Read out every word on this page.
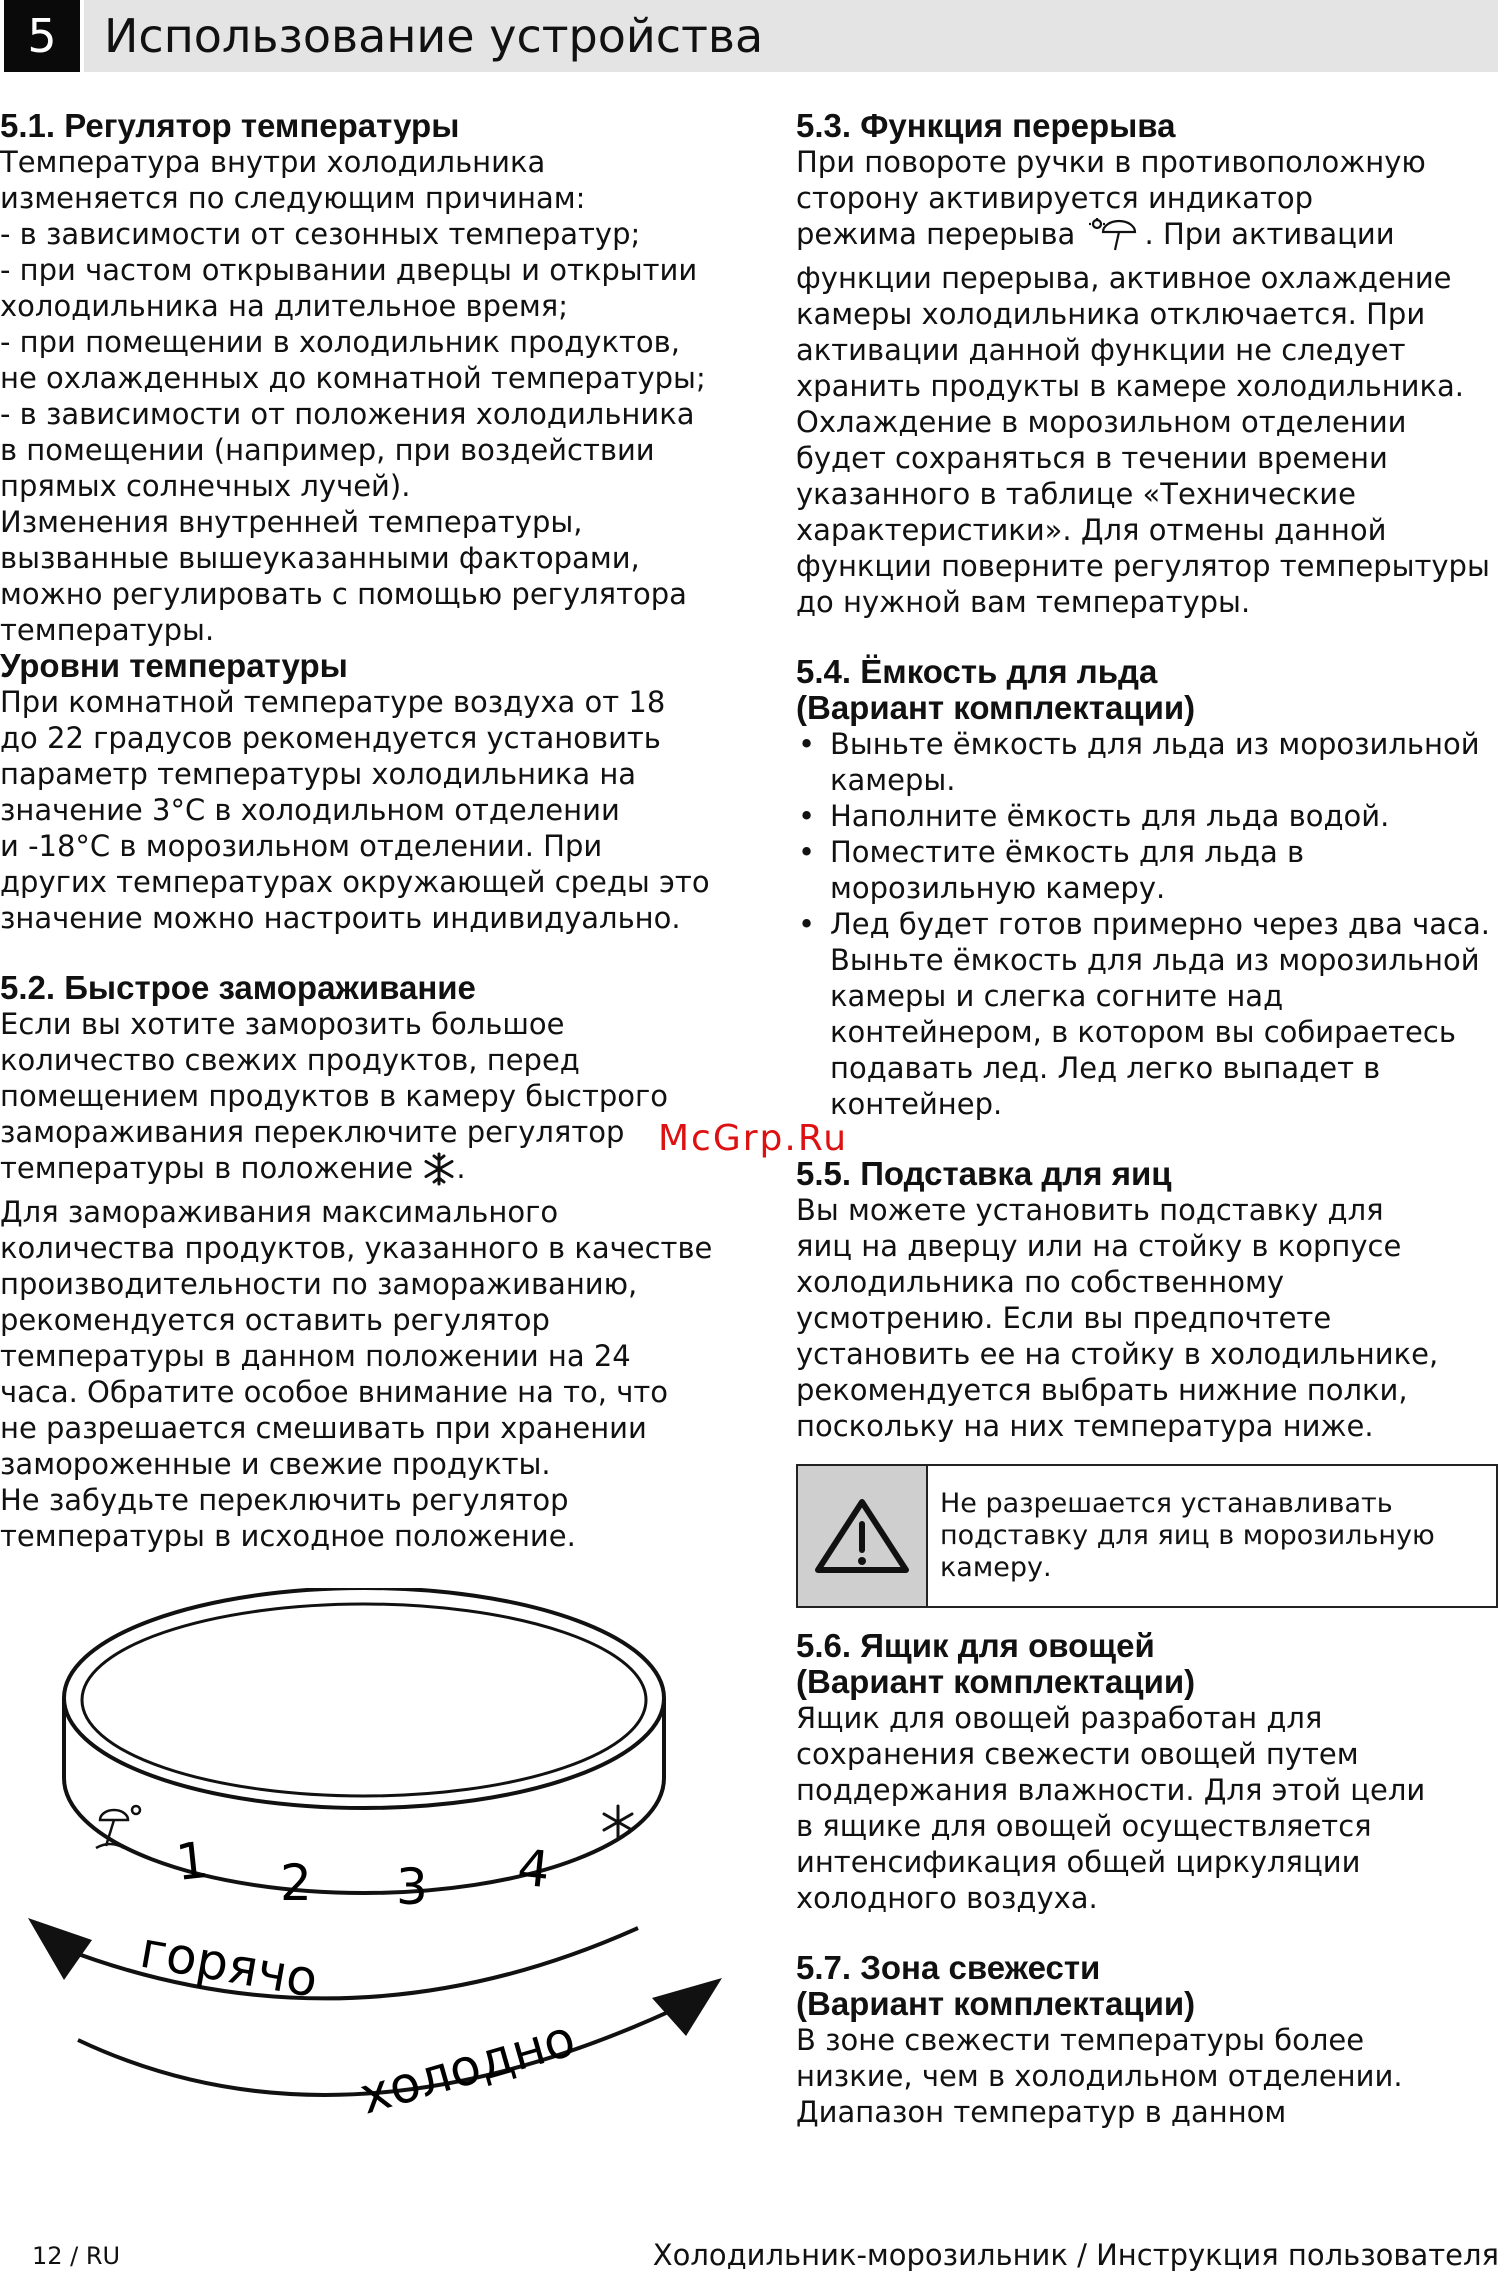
5	Использование устройства
5.1. Регулятор температуры

Температура внутри холодильника
изменяется по следующим причинам:
- в зависимости от сезонных температур;
- при частом открывании дверцы и открытии
холодильника на длительное время;
- при помещении в холодильник продуктов,
не охлажденных до комнатной температуры;
- в зависимости от положения холодильника
в помещении (например, при воздействии
прямых солнечных лучей).
Изменения внутренней температуры,
вызванные вышеуказанными факторами,
можно регулировать с помощью регулятора
температуры.

Уровни температуры

При комнатной температуре воздуха от 18
до 22 градусов рекомендуется установить
параметр температуры холодильника на
значение 3°C в холодильном отделении
и -18°C в морозильном отделении. При
других температурах окружающей среды это
значение можно настроить индивидуально.

5.2. Быстрое замораживание

Если вы хотите заморозить большое
количество свежих продуктов, перед
помещением продуктов в камеру быстрого
замораживания переключите регулятор
температуры в положение .

Для замораживания максимального
количества продуктов, указанного в качестве
производительности по замораживанию,
рекомендуется оставить регулятор
температуры в данном положении на 24
часа. Обратите особое внимание на то, что
не разрешается смешивать при хранении
замороженные и свежие продукты.
Не забудьте переключить регулятор
температуры в исходное положение.

1 2 3 4
горячо
холодно
McGrp.Ru
5.3. Функция перерыва

При повороте ручки в противоположную
сторону активируется индикатор
режима перерыва . При активации
функции перерыва, активное охлаждение
камеры холодильника отключается. При
активации данной функции не следует
хранить продукты в камере холодильника.
Охлаждение в морозильном отделении
будет сохраняться в течении времени
указанного в таблице «Технические
характеристики». Для отмены данной
функции поверните регулятор темперытуры
до нужной вам температуры.

5.4. Ёмкость для льда
(Вариант комплектации)
• Выньте ёмкость для льда из морозильной
камеры.
• Наполните ёмкость для льда водой.
• Поместите ёмкость для льда в
морозильную камеру.
• Лед будет готов примерно через два часа.
Выньте ёмкость для льда из морозильной
камеры и слегка согните над
контейнером, в котором вы собираетесь
подавать лед. Лед легко выпадет в
контейнер.
5.5. Подставка для яиц

Вы можете установить подставку для
яиц на дверцу или на стойку в корпусе
холодильника по собственному
усмотрению. Если вы предпочтете
установить ее на стойку в холодильнике,
рекомендуется выбрать нижние полки,
поскольку на них температура ниже.

Не разрешается устанавливать
подставку для яиц в морозильную
камеру.
5.6. Ящик для овощей
(Вариант комплектации)

Ящик для овощей разработан для
сохранения свежести овощей путем
поддержания влажности. Для этой цели
в ящике для овощей осуществляется
интенсификация общей циркуляции
холодного воздуха.

5.7. Зона свежести
(Вариант комплектации)

В зоне свежести температуры более
низкие, чем в холодильном отделении.
Диапазон температур в данном

12 / RU	Холодильник-морозильник / Инструкция пользователя
